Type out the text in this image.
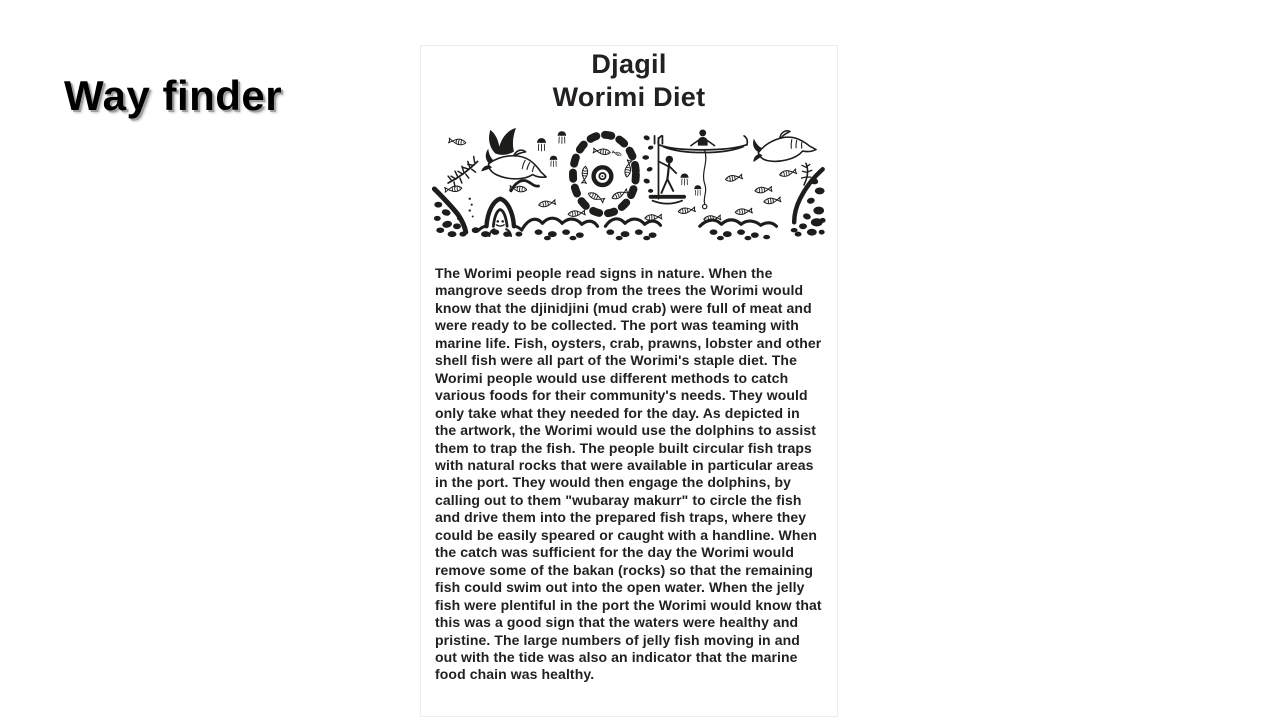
Way finder
Djagil
Worimi Diet

The Worimi people read signs in nature. When the mangrove seeds drop from the trees the Worimi would know that the djinidjini (mud crab) were full of meat and were ready to be collected. The port was teaming with marine life. Fish, oysters, crab, prawns, lobster and other shell fish were all part of the Worimi's staple diet. The Worimi people would use different methods to catch various foods for their community's needs. They would only take what they needed for the day. As depicted in the artwork, the Worimi would use the dolphins to assist them to trap the fish. The people built circular fish traps with natural rocks that were available in particular areas in the port. They would then engage the dolphins, by calling out to them "wubaray makurr" to circle the fish and drive them into the prepared fish traps, where they could be easily speared or caught with a handline. When the catch was sufficient for the day the Worimi would remove some of the bakan (rocks) so that the remaining fish could swim out into the open water. When the jelly fish were plentiful in the port the Worimi would know that this was a good sign that the waters were healthy and pristine. The large numbers of jelly fish moving in and out with the tide was also an indicator that the marine food chain was healthy.
